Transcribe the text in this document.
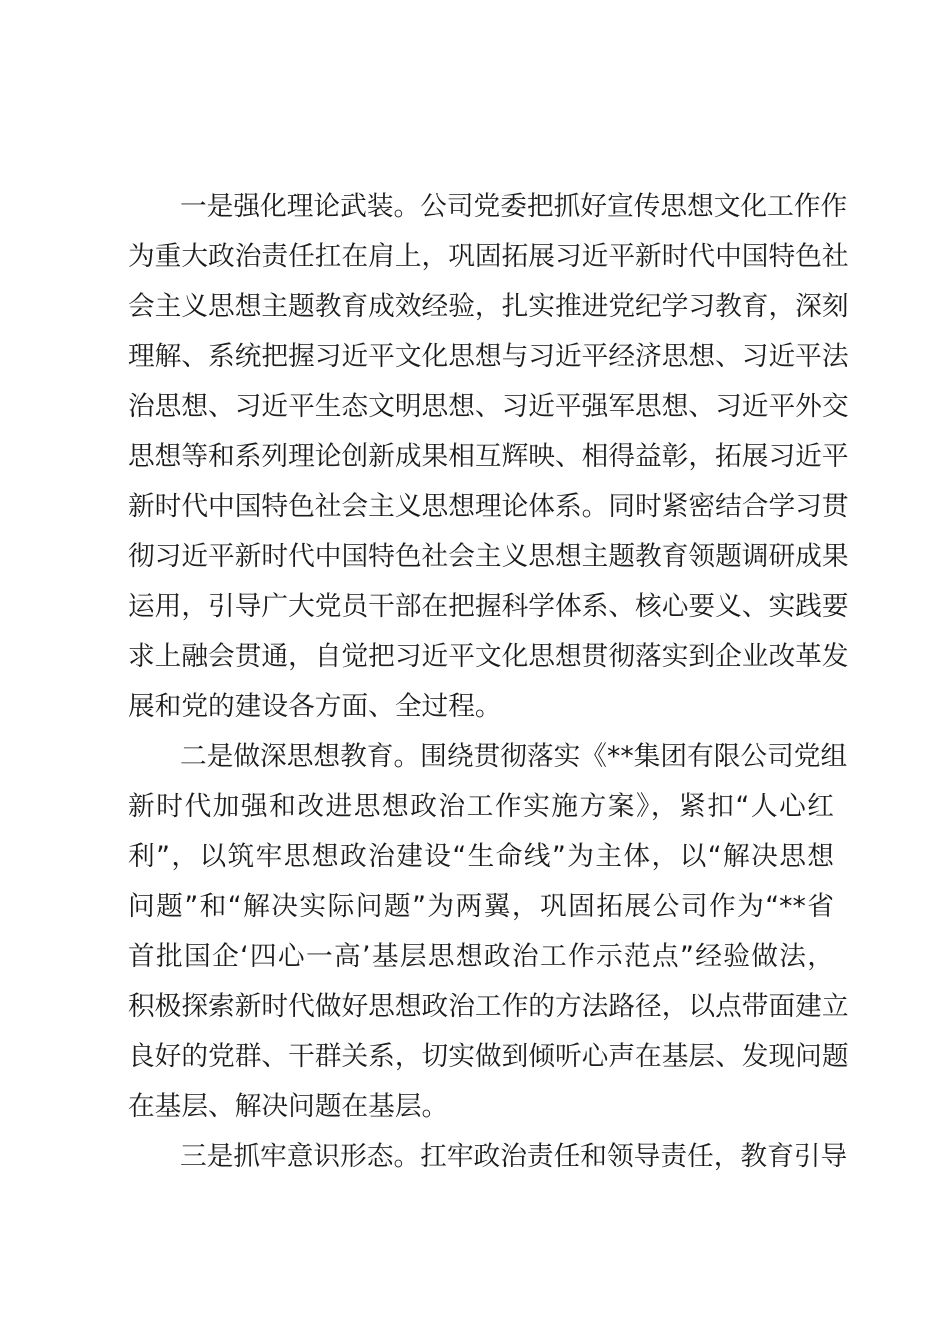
一是强化理论武装。公司党委把抓好宣传思想文化工作作
为重大政治责任扛在肩上，巩固拓展习近平新时代中国特色社
会主义思想主题教育成效经验，扎实推进党纪学习教育，深刻
理解、系统把握习近平文化思想与习近平经济思想、习近平法
治思想、习近平生态文明思想、习近平强军思想、习近平外交
思想等和系列理论创新成果相互辉映、相得益彰，拓展习近平
新时代中国特色社会主义思想理论体系。同时紧密结合学习贯
彻习近平新时代中国特色社会主义思想主题教育领题调研成果
运用，引导广大党员干部在把握科学体系、核心要义、实践要
求上融会贯通，自觉把习近平文化思想贯彻落实到企业改革发
展和党的建设各方面、全过程。
二是做深思想教育。围绕贯彻落实《**集团有限公司党组
新时代加强和改进思想政治工作实施方案》，紧扣“人心红
利”，以筑牢思想政治建设“生命线”为主体，以“解决思想
问题”和“解决实际问题”为两翼，巩固拓展公司作为“**省
首批国企‘四心一高’基层思想政治工作示范点”经验做法，
积极探索新时代做好思想政治工作的方法路径，以点带面建立
良好的党群、干群关系，切实做到倾听心声在基层、发现问题
在基层、解决问题在基层。
三是抓牢意识形态。扛牢政治责任和领导责任，教育引导
